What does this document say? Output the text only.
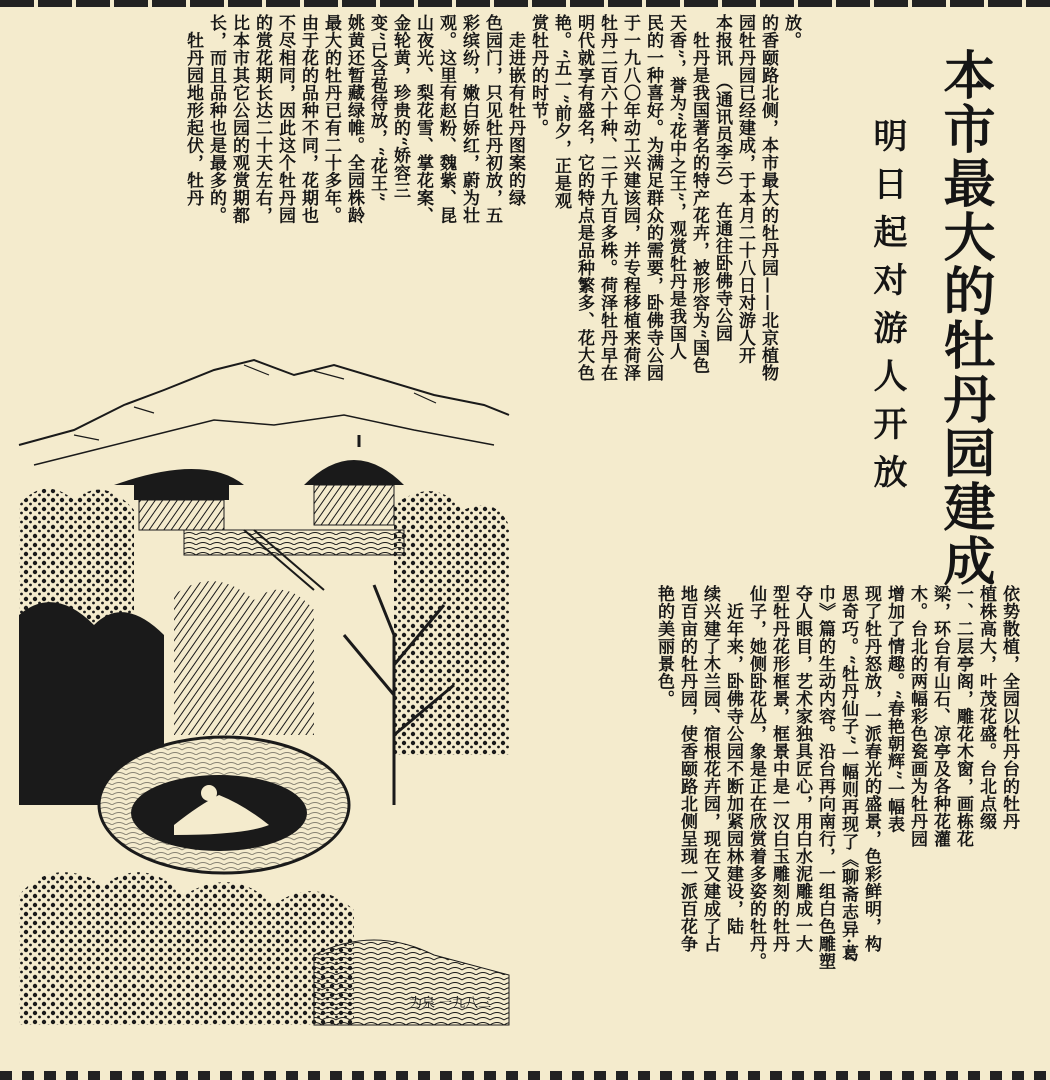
本市最大的牡丹园建成
明日起对游人开放

放。
的香颐路北侧，本市最大的牡丹园——北京植物
园牡丹园已经建成，于本月二十八日对游人开
本报讯 （通讯员李云） 在通往卧佛寺公园
　牡丹是我国著名的特产花卉，被形容为“国色
天香”，誉为“花中之王”，观赏牡丹是我国人
民的一种喜好。为满足群众的需要，卧佛寺公园
于一九八〇年动工兴建该园，并专程移植来荷泽
牡丹二百六十种、二千九百多株。荷泽牡丹早在
明代就享有盛名，它的特点是品种繁多、花大色
艳。“五一”前夕，正是观
赏牡丹的时节。
　走进嵌有牡丹图案的绿
色园门，只见牡丹初放，五
彩缤纷，嫩白娇红，蔚为壮
观。这里有赵粉、魏紫、昆
山夜光、梨花雪、掌花案、
金轮黄，珍贵的“娇容三
变”已含苞待放，“花王”
姚黄还暂藏绿帷。全园株龄
最大的牡丹已有二十多年。
由于花的品种不同，花期也
不尽相同，因此这个牡丹园
的赏花期长达二十天左右，
比本市其它公园的观赏期都
长，而且品种也是最多的。
　牡丹园地形起伏，牡丹

依势散植，全园以牡丹台的牡丹
植株高大，叶茂花盛。台北点缀
一、二层亭阁，雕花木窗，画栋花
梁，环台有山石、凉亭及各种花灌
木。台北的两幅彩色瓷画为牡丹园
增加了情趣。“春艳朝辉”一幅表
现了牡丹怒放，一派春光的盛景，色彩鲜明，构
思奇巧。“牡丹仙子”一幅则再现了《聊斋志异·葛
巾》篇的生动内容。沿台再向南行，一组白色雕塑
夺人眼目，艺术家独具匠心，用白水泥雕成一大
型牡丹花形框景，框景中是一汉白玉雕刻的牡丹
仙子，她侧卧花丛，象是正在欣赏着多姿的牡丹。
　近年来，卧佛寺公园不断加紧园林建设，陆
续兴建了木兰园、宿根花卉园，现在又建成了占
地百亩的牡丹园，使香颐路北侧呈现一派百花争
艳的美丽景色。

为泉 一九八三
